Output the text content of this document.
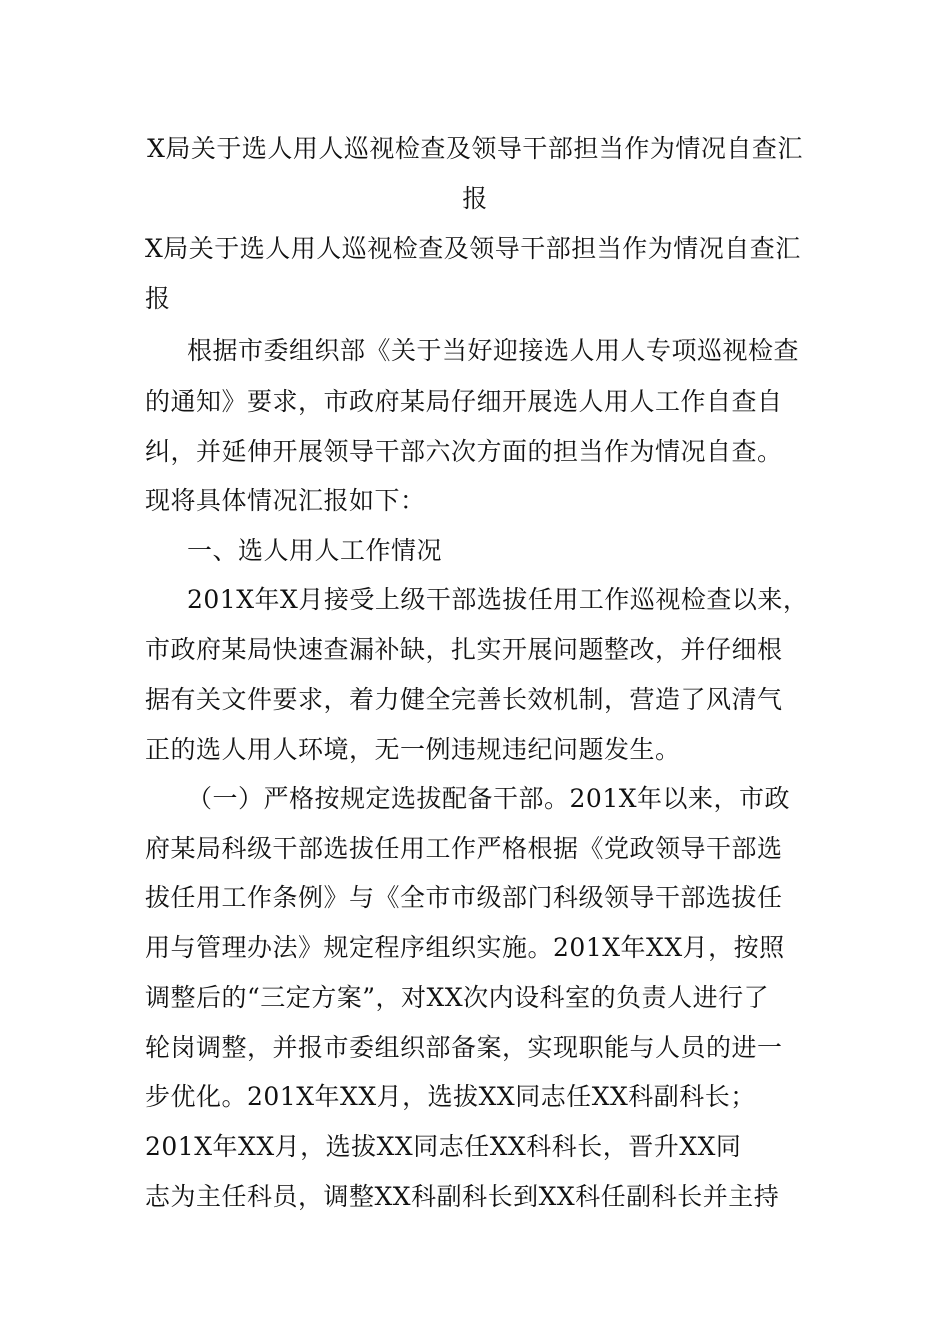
X局关于选人用人巡视检查及领导干部担当作为情况自查汇
报
X局关于选人用人巡视检查及领导干部担当作为情况自查汇
报
根据市委组织部《关于当好迎接选人用人专项巡视检查
的通知》要求，市政府某局仔细开展选人用人工作自查自
纠，并延伸开展领导干部六次方面的担当作为情况自查。
现将具体情况汇报如下：
一、选人用人工作情况
201X年X月接受上级干部选拔任用工作巡视检查以来，
市政府某局快速查漏补缺，扎实开展问题整改，并仔细根
据有关文件要求，着力健全完善长效机制，营造了风清气
正的选人用人环境，无一例违规违纪问题发生。
（一）严格按规定选拔配备干部。201X年以来，市政
府某局科级干部选拔任用工作严格根据《党政领导干部选
拔任用工作条例》与《全市市级部门科级领导干部选拔任
用与管理办法》规定程序组织实施。201X年XX月，按照
调整后的“三定方案”，对XX次内设科室的负责人进行了
轮岗调整，并报市委组织部备案，实现职能与人员的进一
步优化。201X年XX月，选拔XX同志任XX科副科长；
201X年XX月，选拔XX同志任XX科科长，晋升XX同
志为主任科员，调整XX科副科长到XX科任副科长并主持
